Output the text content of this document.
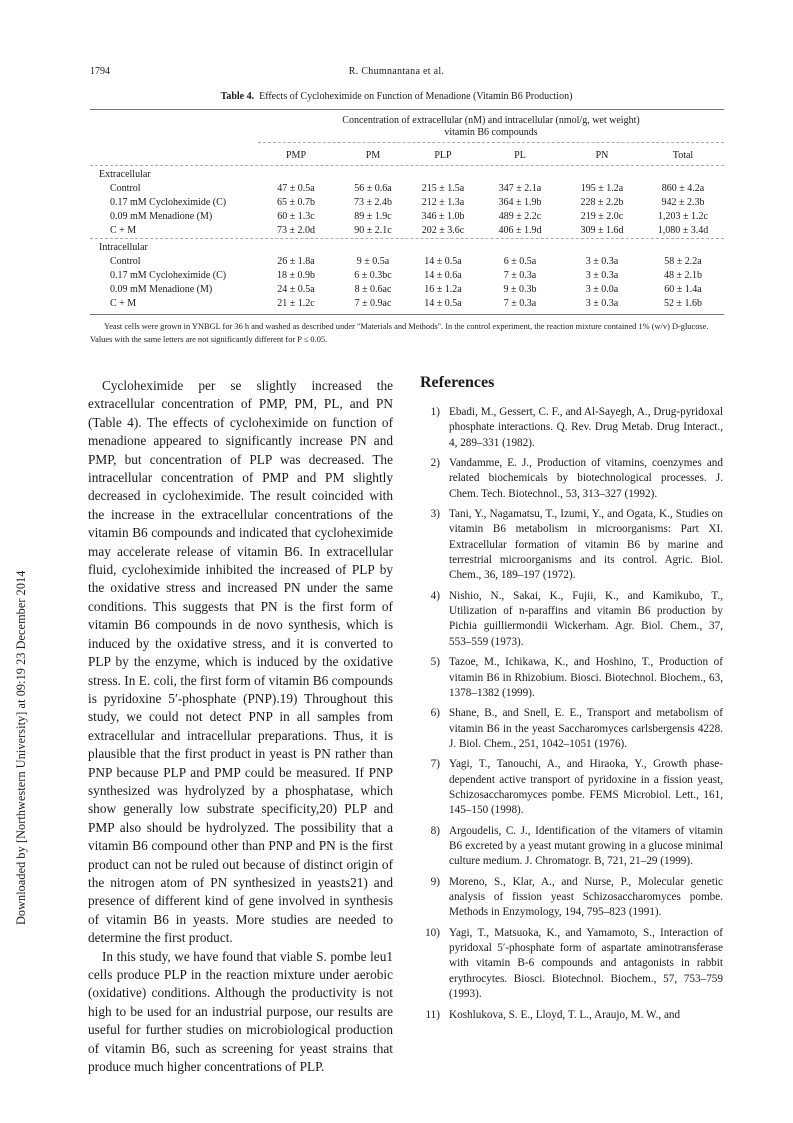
1794	R. Chumnantana et al.
Table 4. Effects of Cycloheximide on Function of Menadione (Vitamin B6 Production)
Concentration of extracellular (nM) and intracellular (nmol/g, wet weight)
vitamin B6 compounds
PMP	PM	PLP	PL	PN	Total
Extracellular
Control	47 ± 0.5a	56 ± 0.6a	215 ± 1.5a	347 ± 2.1a	195 ± 1.2a	860 ± 4.2a
0.17 mM Cycloheximide (C)	65 ± 0.7b	73 ± 2.4b	212 ± 1.3a	364 ± 1.9b	228 ± 2.2b	942 ± 2.3b
0.09 mM Menadione (M)	60 ± 1.3c	89 ± 1.9c	346 ± 1.0b	489 ± 2.2c	219 ± 2.0c	1,203 ± 1.2c
C + M	73 ± 2.0d	90 ± 2.1c	202 ± 3.6c	406 ± 1.9d	309 ± 1.6d	1,080 ± 3.4d
Intracellular
Control	26 ± 1.8a	9 ± 0.5a	14 ± 0.5a	6 ± 0.5a	3 ± 0.3a	58 ± 2.2a
0.17 mM Cycloheximide (C)	18 ± 0.9b	6 ± 0.3bc	14 ± 0.6a	7 ± 0.3a	3 ± 0.3a	48 ± 2.1b
0.09 mM Menadione (M)	24 ± 0.5a	8 ± 0.6ac	16 ± 1.2a	9 ± 0.3b	3 ± 0.0a	60 ± 1.4a
C + M	21 ± 1.2c	7 ± 0.9ac	14 ± 0.5a	7 ± 0.3a	3 ± 0.3a	52 ± 1.6b
Yeast cells were grown in YNBGL for 36 h and washed as described under "Materials and Methods". In the control experiment, the reaction mixture contained 1% (w/v) D-glucose. Values with the same letters are not significantly different for P ≤ 0.05.
Downloaded by [Northwestern University] at 09:19 23 December 2014

Cycloheximide per se slightly increased the extracellular concentration of PMP, PM, PL, and PN (Table 4). The effects of cycloheximide on function of menadione appeared to significantly increase PN and PMP, but concentration of PLP was decreased. The intracellular concentration of PMP and PM slightly decreased in cycloheximide. The result coincided with the increase in the extracellular concentrations of the vitamin B6 compounds and indicated that cycloheximide may accelerate release of vitamin B6. In extracellular fluid, cycloheximide inhibited the increased of PLP by the oxidative stress and increased PN under the same conditions. This suggests that PN is the first form of vitamin B6 compounds in de novo synthesis, which is induced by the oxidative stress, and it is converted to PLP by the enzyme, which is induced by the oxidative stress. In E. coli, the first form of vitamin B6 compounds is pyridoxine 5′-phosphate (PNP).19) Throughout this study, we could not detect PNP in all samples from extracellular and intracellular preparations. Thus, it is plausible that the first product in yeast is PN rather than PNP because PLP and PMP could be measured. If PNP synthesized was hydrolyzed by a phosphatase, which show generally low substrate specificity,20) PLP and PMP also should be hydrolyzed. The possibility that a vitamin B6 compound other than PNP and PN is the first product can not be ruled out because of distinct origin of the nitrogen atom of PN synthesized in yeasts21) and presence of different kind of gene involved in synthesis of vitamin B6 in yeasts. More studies are needed to determine the first product.

In this study, we have found that viable S. pombe leu1 cells produce PLP in the reaction mixture under aerobic (oxidative) conditions. Although the productivity is not high to be used for an industrial purpose, our results are useful for further studies on microbiological production of vitamin B6, such as screening for yeast strains that produce much higher concentrations of PLP.

References
1) Ebadi, M., Gessert, C. F., and Al-Sayegh, A., Drug-pyridoxal phosphate interactions. Q. Rev. Drug Metab. Drug Interact., 4, 289–331 (1982).
2) Vandamme, E. J., Production of vitamins, coenzymes and related biochemicals by biotechnological processes. J. Chem. Tech. Biotechnol., 53, 313–327 (1992).
3) Tani, Y., Nagamatsu, T., Izumi, Y., and Ogata, K., Studies on vitamin B6 metabolism in microorganisms: Part XI. Extracellular formation of vitamin B6 by marine and terrestrial microorganisms and its control. Agric. Biol. Chem., 36, 189–197 (1972).
4) Nishio, N., Sakai, K., Fujii, K., and Kamikubo, T., Utilization of n-paraffins and vitamin B6 production by Pichia guilliermondii Wickerham. Agr. Biol. Chem., 37, 553–559 (1973).
5) Tazoe, M., Ichikawa, K., and Hoshino, T., Production of vitamin B6 in Rhizobium. Biosci. Biotechnol. Biochem., 63, 1378–1382 (1999).
6) Shane, B., and Snell, E. E., Transport and metabolism of vitamin B6 in the yeast Saccharomyces carlsbergensis 4228. J. Biol. Chem., 251, 1042–1051 (1976).
7) Yagi, T., Tanouchi, A., and Hiraoka, Y., Growth phase-dependent active transport of pyridoxine in a fission yeast, Schizosaccharomyces pombe. FEMS Microbiol. Lett., 161, 145–150 (1998).
8) Argoudelis, C. J., Identification of the vitamers of vitamin B6 excreted by a yeast mutant growing in a glucose minimal culture medium. J. Chromatogr. B, 721, 21–29 (1999).
9) Moreno, S., Klar, A., and Nurse, P., Molecular genetic analysis of fission yeast Schizosaccharomyces pombe. Methods in Enzymology, 194, 795–823 (1991).
10) Yagi, T., Matsuoka, K., and Yamamoto, S., Interaction of pyridoxal 5′-phosphate form of aspartate aminotransferase with vitamin B-6 compounds and antagonists in rabbit erythrocytes. Biosci. Biotechnol. Biochem., 57, 753–759 (1993).
11) Koshlukova, S. E., Lloyd, T. L., Araujo, M. W., and
